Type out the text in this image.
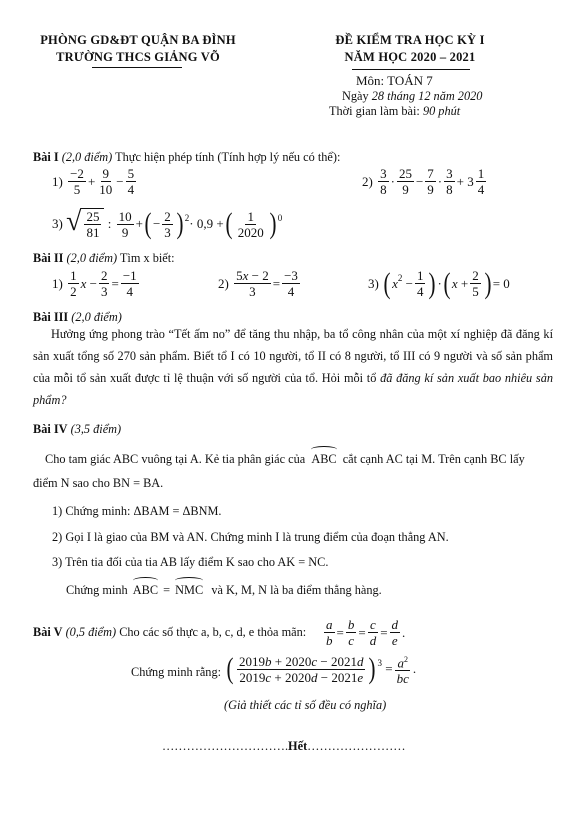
PHÒNG GD&ĐT QUẬN BA ĐÌNH
TRƯỜNG THCS GIẢNG VÕ
ĐỀ KIỂM TRA HỌC KỲ I
NĂM HỌC 2020 – 2021
Môn: TOÁN 7
Ngày 28 tháng 12 năm 2020
Thời gian làm bài: 90 phút
Bài I (2,0 điểm) Thực hiện phép tính (Tính hợp lý nếu có thể):
1)
$\frac{-2}{5} + \frac{9}{10} - \frac{5}{4}$	2)
$\frac{3}{8} \cdot \frac{25}{9} - \frac{7}{9} \cdot \frac{3}{8} + 3 \frac{1}{4}$
3)
√ $\frac{25}{81}$ : $\frac{10}{9}$ + ( − $\frac{2}{3}$ ) 2 · 0,9 + ( $\frac{1}{2020}$ ) 0
Bài II (2,0 điểm) Tìm x biết:
1)
$\frac{1}{2}$ $x - \frac{2}{3} = \frac{-1}{4}$	2)
$\frac{5x - 2}{3} = \frac{-3}{4}$	3)
( x $2 - \frac{1}{4}$ ) · ( $x + \frac{2}{5}$ ) = 0
Bài III (2,0 điểm)
Hưởng ứng phong trào “Tết ấm no” để tăng thu nhập, ba tổ công nhân của một xí nghiệp đã đăng kí sản xuất tổng số 270 sản phẩm. Biết tổ I có 10 người, tổ II có 8 người, tổ III có 9 người và số sản phẩm của mỗi tổ sản xuất được tỉ lệ thuận với số người của tổ. Hỏi mỗi tổ đã đăng kí sản xuất bao nhiêu sản phẩm?
Bài IV (3,5 điểm)
Cho tam giác ABC vuông tại A. Kẻ tia phân giác của ABC cắt cạnh AC tại M. Trên cạnh BC lấy
điểm N sao cho BN = BA.
1) Chứng minh: ΔBAM = ΔBNM.
2) Gọi I là giao của BM và AN. Chứng minh I là trung điểm của đoạn thẳng AN.
3) Trên tia đối của tia AB lấy điểm K sao cho AK = NC.
Chứng minh ABC = NMC và K, M, N là ba điểm thẳng hàng.
Bài V (0,5 điểm) Cho các số thực a, b, c, d, e thỏa mãn: $\frac{a}{b} = \frac{b}{c} = \frac{c}{d} = \frac{d}{e}$ .
Chứng minh rằng: ( $\frac{2019b + 2020c - 2021d}{2019c + 2020d - 2021e}$ ) $3 = \frac{a^2}{bc}$ .
(Giả thiết các tỉ số đều có nghĩa)
………………………….Hết……………………
